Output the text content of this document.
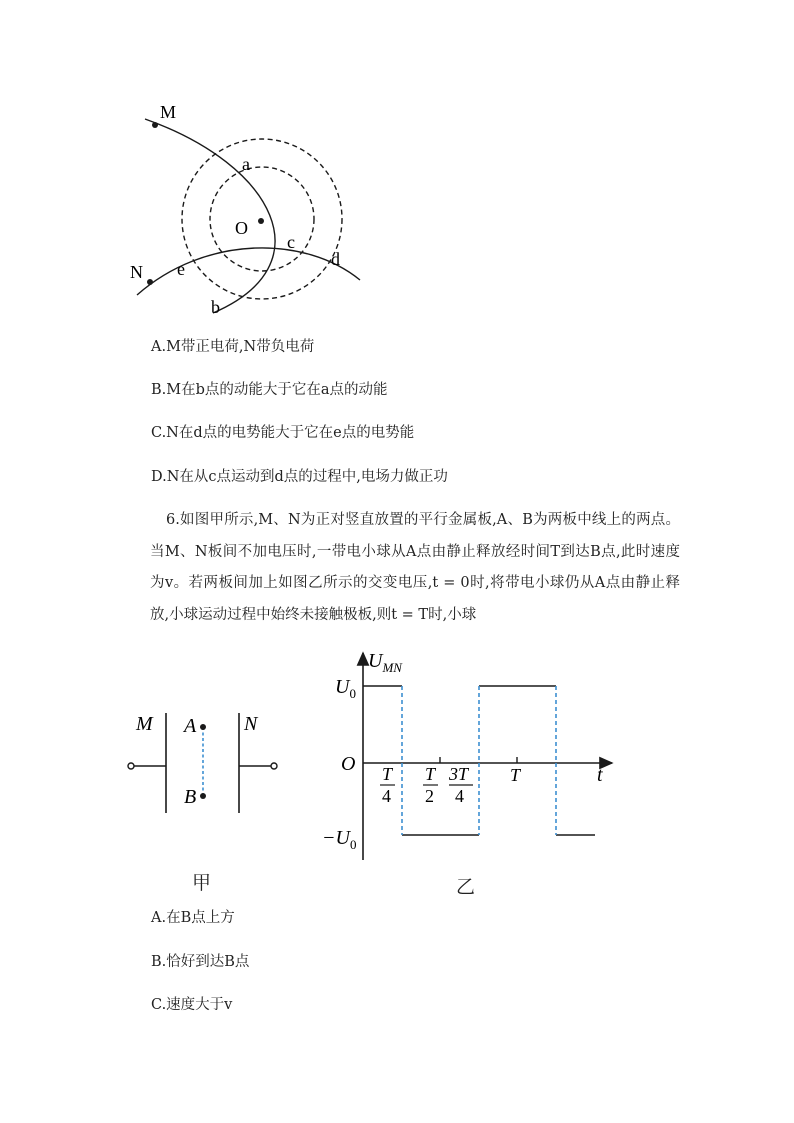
M
N
O
a
b
c
d
e
A.M带正电荷,N带负电荷
B.M在b点的动能大于它在a点的动能
C.N在d点的电势能大于它在e点的电势能
D.N在从c点运动到d点的过程中,电场力做正功
6.如图甲所示,M、N为正对竖直放置的平行金属板,A、B为两板中线上的两点。当M、N板间不加电压时,一带电小球从A点由静止释放经时间T到达B点,此时速度为v。若两板间加上如图乙所示的交变电压,t = 0时,将带电小球仍从A点由静止释放,小球运动过程中始终未接触极板,则t = T时,小球
M	N
A
B
甲
$U_{MN}$
$U_0$
$-U_0$
O	t
T
4
T
2
3T
4
T
乙
A.在B点上方
B.恰好到达B点
C.速度大于v
